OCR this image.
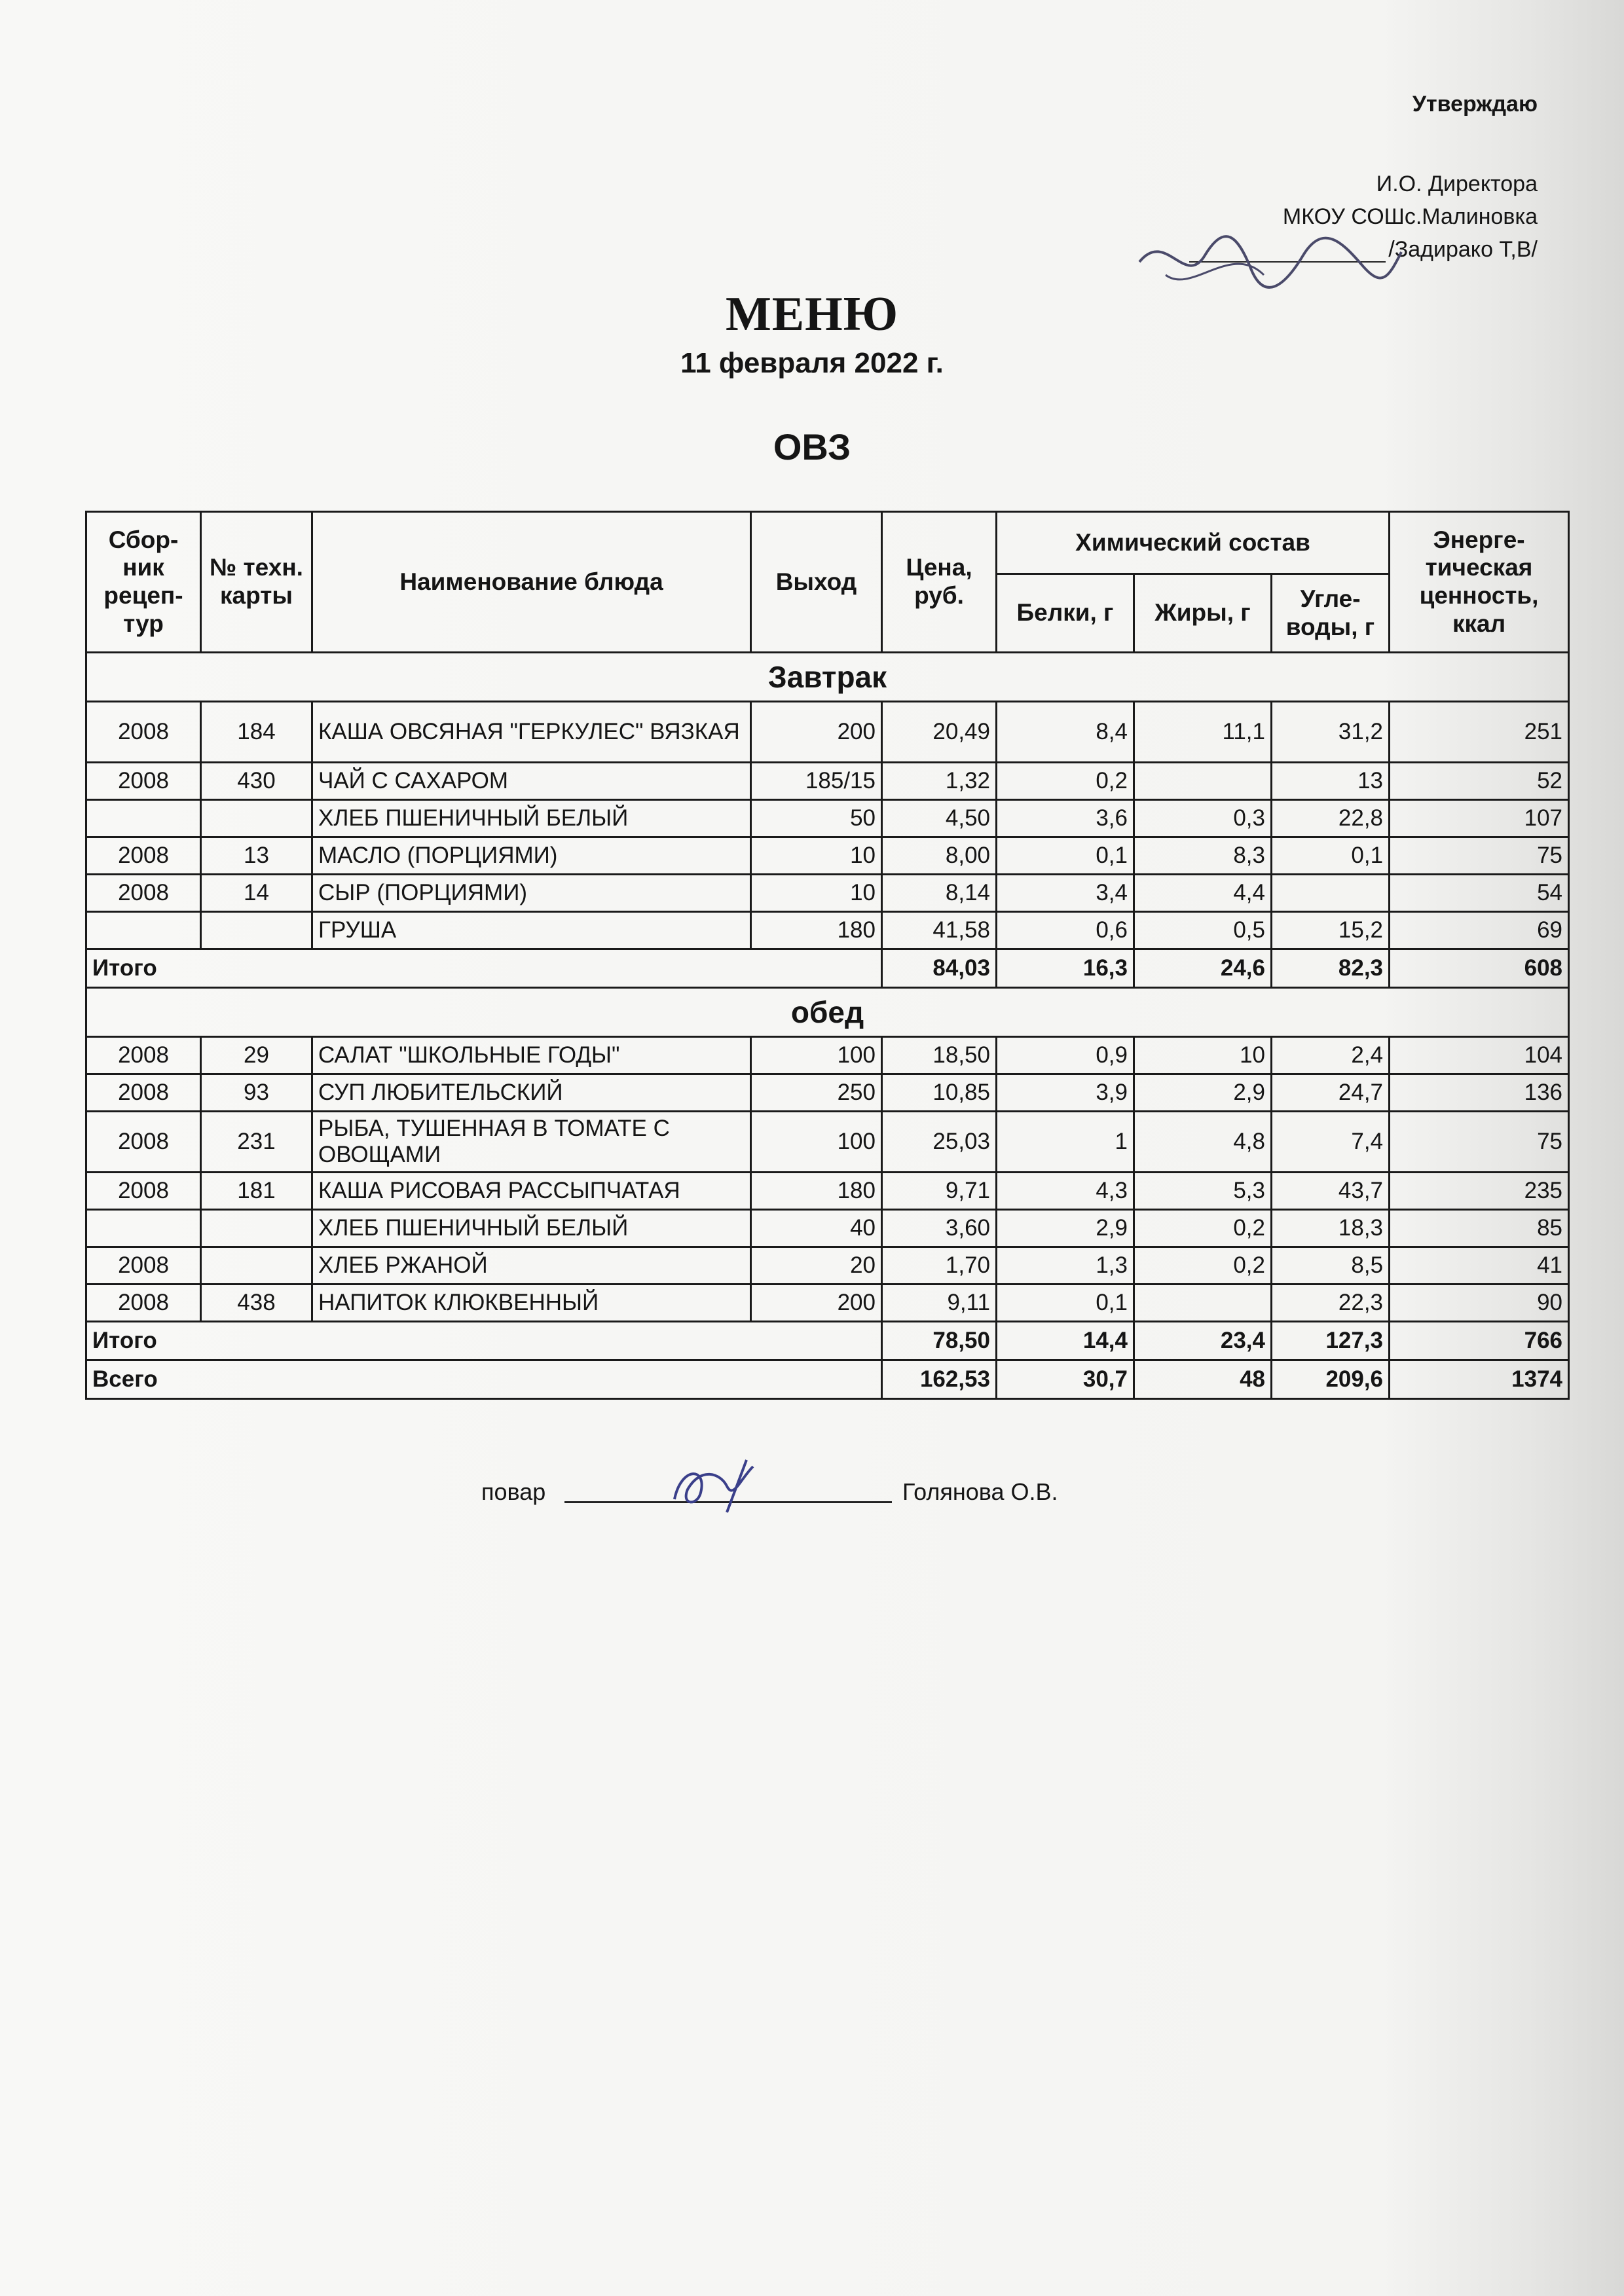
Утверждаю
И.О. Директора
МКОУ СОШс.Малиновка
/Задирако Т,В/
МЕНЮ
11 февраля 2022 г.
ОВЗ
Сбор-ник рецеп-тур	№ техн. карты	Наименование блюда	Выход	Цена, руб.	Химический состав			Энерге-тическая ценность, ккал
					Белки, г	Жиры, г	Угле-воды, г	
Завтрак								
2008	184	КАША ОВСЯНАЯ "ГЕРКУЛЕС" ВЯЗКАЯ	200	20,49	8,4	11,1	31,2	251
2008	430	ЧАЙ С САХАРОМ	185/15	1,32	0,2		13	52
		ХЛЕБ ПШЕНИЧНЫЙ БЕЛЫЙ	50	4,50	3,6	0,3	22,8	107
2008	13	МАСЛО (ПОРЦИЯМИ)	10	8,00	0,1	8,3	0,1	75
2008	14	СЫР (ПОРЦИЯМИ)	10	8,14	3,4	4,4		54
		ГРУША	180	41,58	0,6	0,5	15,2	69
Итого				84,03	16,3	24,6	82,3	608
обед								
2008	29	САЛАТ "ШКОЛЬНЫЕ ГОДЫ"	100	18,50	0,9	10	2,4	104
2008	93	СУП ЛЮБИТЕЛЬСКИЙ	250	10,85	3,9	2,9	24,7	136
2008	231	РЫБА, ТУШЕННАЯ В ТОМАТЕ С ОВОЩАМИ	100	25,03	1	4,8	7,4	75
2008	181	КАША РИСОВАЯ РАССЫПЧАТАЯ	180	9,71	4,3	5,3	43,7	235
		ХЛЕБ ПШЕНИЧНЫЙ БЕЛЫЙ	40	3,60	2,9	0,2	18,3	85
2008		ХЛЕБ РЖАНОЙ	20	1,70	1,3	0,2	8,5	41
2008	438	НАПИТОК КЛЮКВЕННЫЙ	200	9,11	0,1		22,3	90
Итого				78,50	14,4	23,4	127,3	766
Всего				162,53	30,7	48	209,6	1374
повар	Голянова О.В.
